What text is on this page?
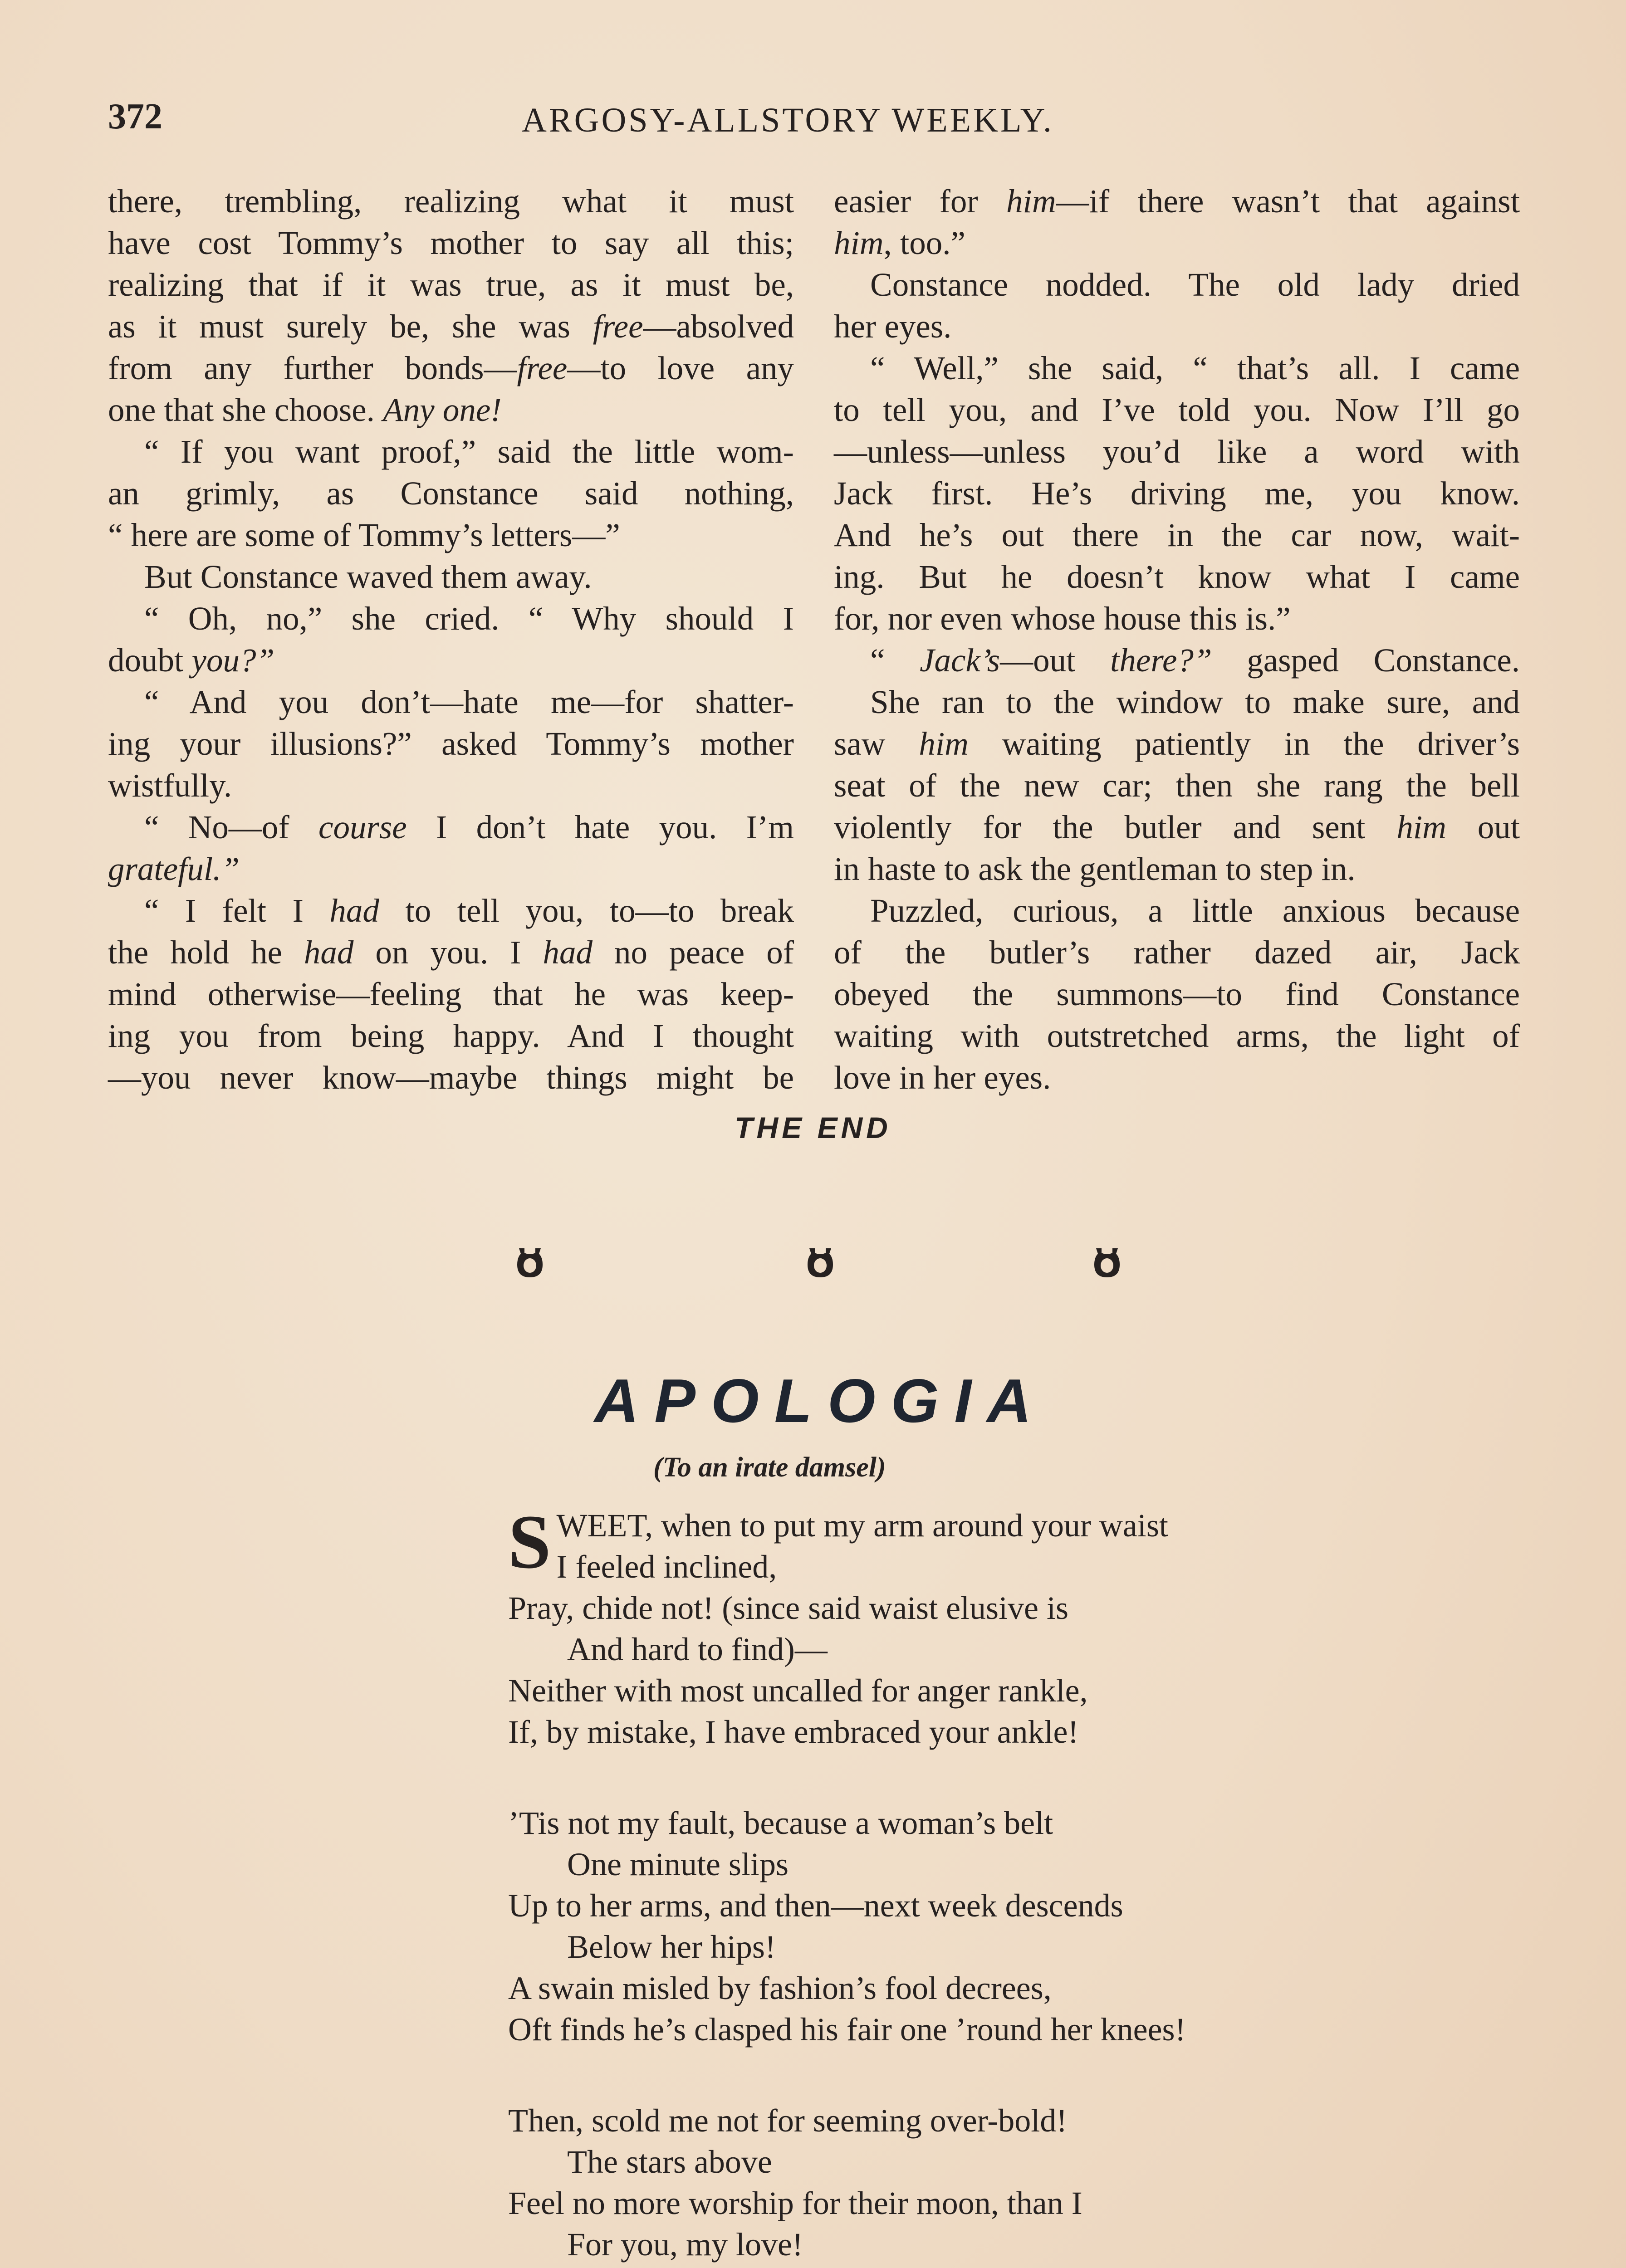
372	ARGOSY-ALLSTORY WEEKLY.

there, trembling, realizing what it must

have cost Tommy’s mother to say all this;

realizing that if it was true, as it must be,

as it must surely be, she was free—absolved

from any further bonds—free—to love any

one that she choose. Any one!

“ If you want proof,” said the little wom-

an grimly, as Constance said nothing,

“ here are some of Tommy’s letters—”

But Constance waved them away.

“ Oh, no,” she cried. “ Why should I

doubt you?”

“ And you don’t—hate me—for shatter-

ing your illusions?” asked Tommy’s mother

wistfully.

“ No—of course I don’t hate you. I’m

grateful.”

“ I felt I had to tell you, to—to break

the hold he had on you. I had no peace of

mind otherwise—feeling that he was keep-

ing you from being happy. And I thought

—you never know—maybe things might be

easier for him—if there wasn’t that against

him, too.”

Constance nodded. The old lady dried

her eyes.

“ Well,” she said, “ that’s all. I came

to tell you, and I’ve told you. Now I’ll go

—unless—unless you’d like a word with

Jack first. He’s driving me, you know.

And he’s out there in the car now, wait-

ing. But he doesn’t know what I came

for, nor even whose house this is.”

“ Jack’s—out there?” gasped Constance.

She ran to the window to make sure, and

saw him waiting patiently in the driver’s

seat of the new car; then she rang the bell

violently for the butler and sent him out

in haste to ask the gentleman to step in.

Puzzled, curious, a little anxious because

of the butler’s rather dazed air, Jack

obeyed the summons—to find Constance

waiting with outstretched arms, the light of

love in her eyes.

THE END
APOLOGIA
(To an irate damsel)
S WEET, when to put my arm around your waist
I feeled inclined,
Pray, chide not! (since said waist elusive is
And hard to find)—
Neither with most uncalled for anger rankle,
If, by mistake, I have embraced your ankle!
’Tis not my fault, because a woman’s belt
One minute slips
Up to her arms, and then—next week descends
Below her hips!
A swain misled by fashion’s fool decrees,
Oft finds he’s clasped his fair one ’round her knees!
Then, scold me not for seeming over-bold!
The stars above
Feel no more worship for their moon, than I
For you, my love!
